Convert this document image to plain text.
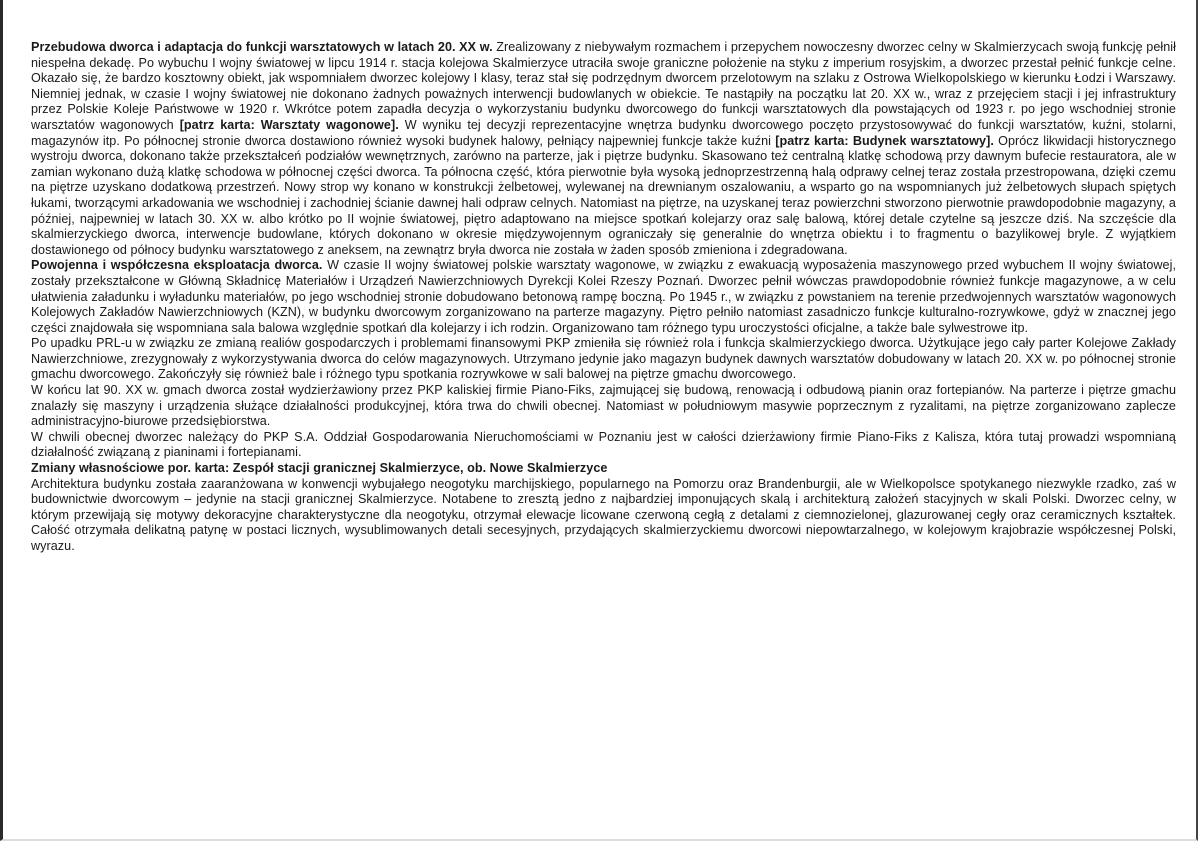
Przebudowa dworca i adaptacja do funkcji warsztatowych w latach 20. XX w. Zrealizowany z niebywałym rozmachem i przepychem nowoczesny dworzec celny w Skalmierzycach swoją funkcję pełnił niespełna dekadę. Po wybuchu I wojny światowej w lipcu 1914 r. stacja kolejowa Skalmierzyce utraciła swoje graniczne położenie na styku z imperium rosyjskim, a dworzec przestał pełnić funkcje celne. Okazało się, że bardzo kosztowny obiekt, jak wspomniałem dworzec kolejowy I klasy, teraz stał się podrzędnym dworcem przelotowym na szlaku z Ostrowa Wielkopolskiego w kierunku Łodzi i Warszawy. Niemniej jednak, w czasie I wojny światowej nie dokonano żadnych poważnych interwencji budowlanych w obiekcie. Te nastąpiły na początku lat 20. XX w., wraz z przejęciem stacji i jej infrastruktury przez Polskie Koleje Państwowe w 1920 r. Wkrótce potem zapadła decyzja o wykorzystaniu budynku dworcowego do funkcji warsztatowych dla powstających od 1923 r. po jego wschodniej stronie warsztatów wagonowych [patrz karta: Warsztaty wagonowe]. W wyniku tej decyzji reprezentacyjne wnętrza budynku dworcowego poczęto przystosowywać do funkcji warsztatów, kuźni, stolarni, magazynów itp. Po północnej stronie dworca dostawiono również wysoki budynek halowy, pełniący najpewniej funkcje także kuźni [patrz karta: Budynek warsztatowy]. Oprócz likwidacji historycznego wystroju dworca, dokonano także przekształceń podziałów wewnętrznych, zarówno na parterze, jak i piętrze budynku. Skasowano też centralną klatkę schodową przy dawnym bufecie restauratora, ale w zamian wykonano dużą klatkę schodowa w północnej części dworca. Ta północna część, która pierwotnie była wysoką jednoprzestrzenną halą odprawy celnej teraz została przestropowana, dzięki czemu na piętrze uzyskano dodatkową przestrzeń. Nowy strop wy konano w konstrukcji żelbetowej, wylewanej na drewnianym oszalowaniu, a wsparto go na wspomnianych już żelbetowych słupach spiętych łukami, tworzącymi arkadowania we wschodniej i zachodniej ścianie dawnej hali odpraw celnych. Natomiast na piętrze, na uzyskanej teraz powierzchni stworzono pierwotnie prawdopodobnie magazyny, a później, najpewniej w latach 30. XX w. albo krótko po II wojnie światowej, piętro adaptowano na miejsce spotkań kolejarzy oraz salę balową, której detale czytelne są jeszcze dziś. Na szczęście dla skalmierzyckiego dworca, interwencje budowlane, których dokonano w okresie międzywojennym ograniczały się generalnie do wnętrza obiektu i to fragmentu o bazylikowej bryle. Z wyjątkiem dostawionego od północy budynku warsztatowego z aneksem, na zewnątrz bryła dworca nie została w żaden sposób zmieniona i zdegradowana.

Powojenna i współczesna eksploatacja dworca. W czasie II wojny światowej polskie warsztaty wagonowe, w związku z ewakuacją wyposażenia maszynowego przed wybuchem II wojny światowej, zostały przekształcone w Główną Składnicę Materiałów i Urządzeń Nawierzchniowych Dyrekcji Kolei Rzeszy Poznań. Dworzec pełnił wówczas prawdopodobnie również funkcje magazynowe, a w celu ułatwienia załadunku i wyładunku materiałów, po jego wschodniej stronie dobudowano betonową rampę boczną. Po 1945 r., w związku z powstaniem na terenie przedwojennych warsztatów wagonowych Kolejowych Zakładów Nawierzchniowych (KZN), w budynku dworcowym zorganizowano na parterze magazyny. Piętro pełniło natomiast zasadniczo funkcje kulturalno-rozrywkowe, gdyż w znacznej jego części znajdowała się wspomniana sala balowa względnie spotkań dla kolejarzy i ich rodzin. Organizowano tam różnego typu uroczystości oficjalne, a także bale sylwestrowe itp.

Po upadku PRL-u w związku ze zmianą realiów gospodarczych i problemami finansowymi PKP zmieniła się również rola i funkcja skalmierzyckiego dworca. Użytkujące jego cały parter Kolejowe Zakłady Nawierzchniowe, zrezygnowały z wykorzystywania dworca do celów magazynowych. Utrzymano jedynie jako magazyn budynek dawnych warsztatów dobudowany w latach 20. XX w. po północnej stronie gmachu dworcowego. Zakończyły się również bale i różnego typu spotkania rozrywkowe w sali balowej na piętrze gmachu dworcowego.

W końcu lat 90. XX w. gmach dworca został wydzierżawiony przez PKP kaliskiej firmie Piano-Fiks, zajmującej się budową, renowacją i odbudową pianin oraz fortepianów. Na parterze i piętrze gmachu znalazły się maszyny i urządzenia służące działalności produkcyjnej, która trwa do chwili obecnej. Natomiast w południowym masywie poprzecznym z ryzalitami, na piętrze zorganizowano zaplecze administracyjno-biurowe przedsiębiorstwa.

W chwili obecnej dworzec należący do PKP S.A. Oddział Gospodarowania Nieruchomościami w Poznaniu jest w całości dzierżawiony firmie Piano-Fiks z Kalisza, która tutaj prowadzi wspomnianą działalność związaną z pianinami i fortepianami.

Zmiany własnościowe por. karta: Zespół stacji granicznej Skalmierzyce, ob. Nowe Skalmierzyce

Architektura budynku została zaaranżowana w konwencji wybujałego neogotyku marchijskiego, popularnego na Pomorzu oraz Brandenburgii, ale w Wielkopolsce spotykanego niezwykle rzadko, zaś w budownictwie dworcowym – jedynie na stacji granicznej Skalmierzyce. Notabene to zresztą jedno z najbardziej imponujących skalą i architekturą założeń stacyjnych w skali Polski. Dworzec celny, w którym przewijają się motywy dekoracyjne charakterystyczne dla neogotyku, otrzymał elewacje licowane czerwoną cegłą z detalami z ciemnozielonej, glazurowanej cegły oraz ceramicznych kształtek. Całość otrzymała delikatną patynę w postaci licznych, wysublimowanych detali secesyjnych, przydających skalmierzyckiemu dworcowi niepowtarzalnego, w kolejowym krajobrazie współczesnej Polski, wyrazu.
